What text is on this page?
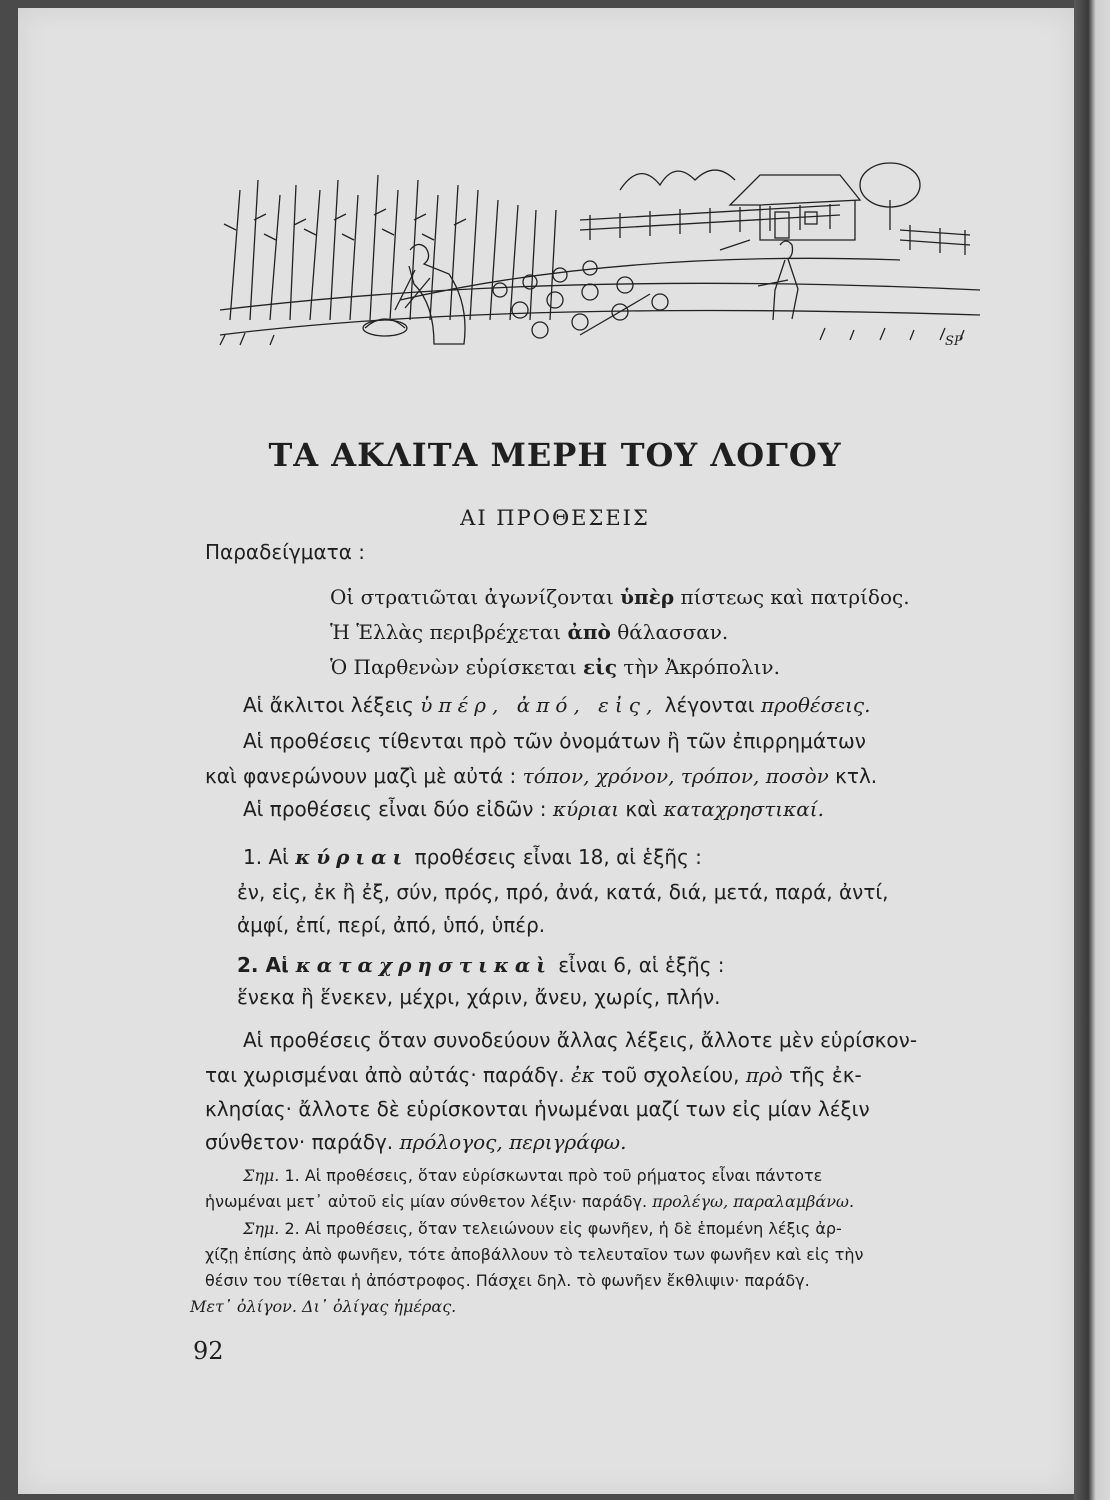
SP
ΤΑ ΑΚΛΙΤΑ ΜΕΡΗ ΤΟΥ ΛΟΓΟΥ
ΑΙ ΠΡΟΘΕΣΕΙΣ
Παραδείγματα :
Οἱ στρατιῶται ἀγωνίζονται ὑπὲρ πίστεως καὶ πατρίδος.
Ἡ Ἑλλὰς περιβρέχεται ἀπὸ θάλασσαν.
Ὁ Παρθενὼν εὑρίσκεται εἰς τὴν Ἀκρόπολιν.
Αἱ ἄκλιτοι λέξεις ὑπέρ, ἀπό, εἰς, λέγονται προθέσεις.
Αἱ προθέσεις τίθενται πρὸ τῶν ὀνομάτων ἢ τῶν ἐπιρρημάτων
καὶ φανερώνουν μαζὶ μὲ αὐτά : τόπον, χρόνον, τρόπον, ποσὸν κτλ.
Αἱ προθέσεις εἶναι δύο εἰδῶν : κύριαι καὶ καταχρηστικαί.
1. Αἱ κύριαι προθέσεις εἶναι 18, αἱ ἑξῆς :
ἐν, εἰς, ἐκ ἢ ἐξ, σύν, πρός, πρό, ἀνά, κατά, διά, μετά, παρά, ἀντί,
ἀμφί, ἐπί, περί, ἀπό, ὑπό, ὑπέρ.
2. Αἱ καταχρηστικαὶ εἶναι 6, αἱ ἑξῆς :
ἕνεκα ἢ ἕνεκεν, μέχρι, χάριν, ἄνευ, χωρίς, πλήν.
Αἱ προθέσεις ὅταν συνοδεύουν ἄλλας λέξεις, ἄλλοτε μὲν εὑρίσκον-
ται χωρισμέναι ἀπὸ αὐτάς· παράδγ. ἐκ τοῦ σχολείου, πρὸ τῆς ἐκ-
κλησίας· ἄλλοτε δὲ εὑρίσκονται ἡνωμέναι μαζί των εἰς μίαν λέξιν
σύνθετον· παράδγ. πρόλογος, περιγράφω.
Σημ. 1. Αἱ προθέσεις, ὅταν εὑρίσκωνται πρὸ τοῦ ρήματος εἶναι πάντοτε
ἡνωμέναι μετ᾽ αὐτοῦ εἰς μίαν σύνθετον λέξιν· παράδγ. προλέγω, παραλαμβάνω.
Σημ. 2. Αἱ προθέσεις, ὅταν τελειώνουν εἰς φωνῆεν, ἡ δὲ ἑπομένη λέξις ἀρ-
χίζῃ ἐπίσης ἀπὸ φωνῆεν, τότε ἀποβάλλουν τὸ τελευταῖον των φωνῆεν καὶ εἰς τὴν
θέσιν του τίθεται ἡ ἀπόστροφος. Πάσχει δηλ. τὸ φωνῆεν ἔκθλιψιν· παράδγ.
Μετ᾽ ὀλίγον. Δι᾽ ὀλίγας ἡμέρας.
92
